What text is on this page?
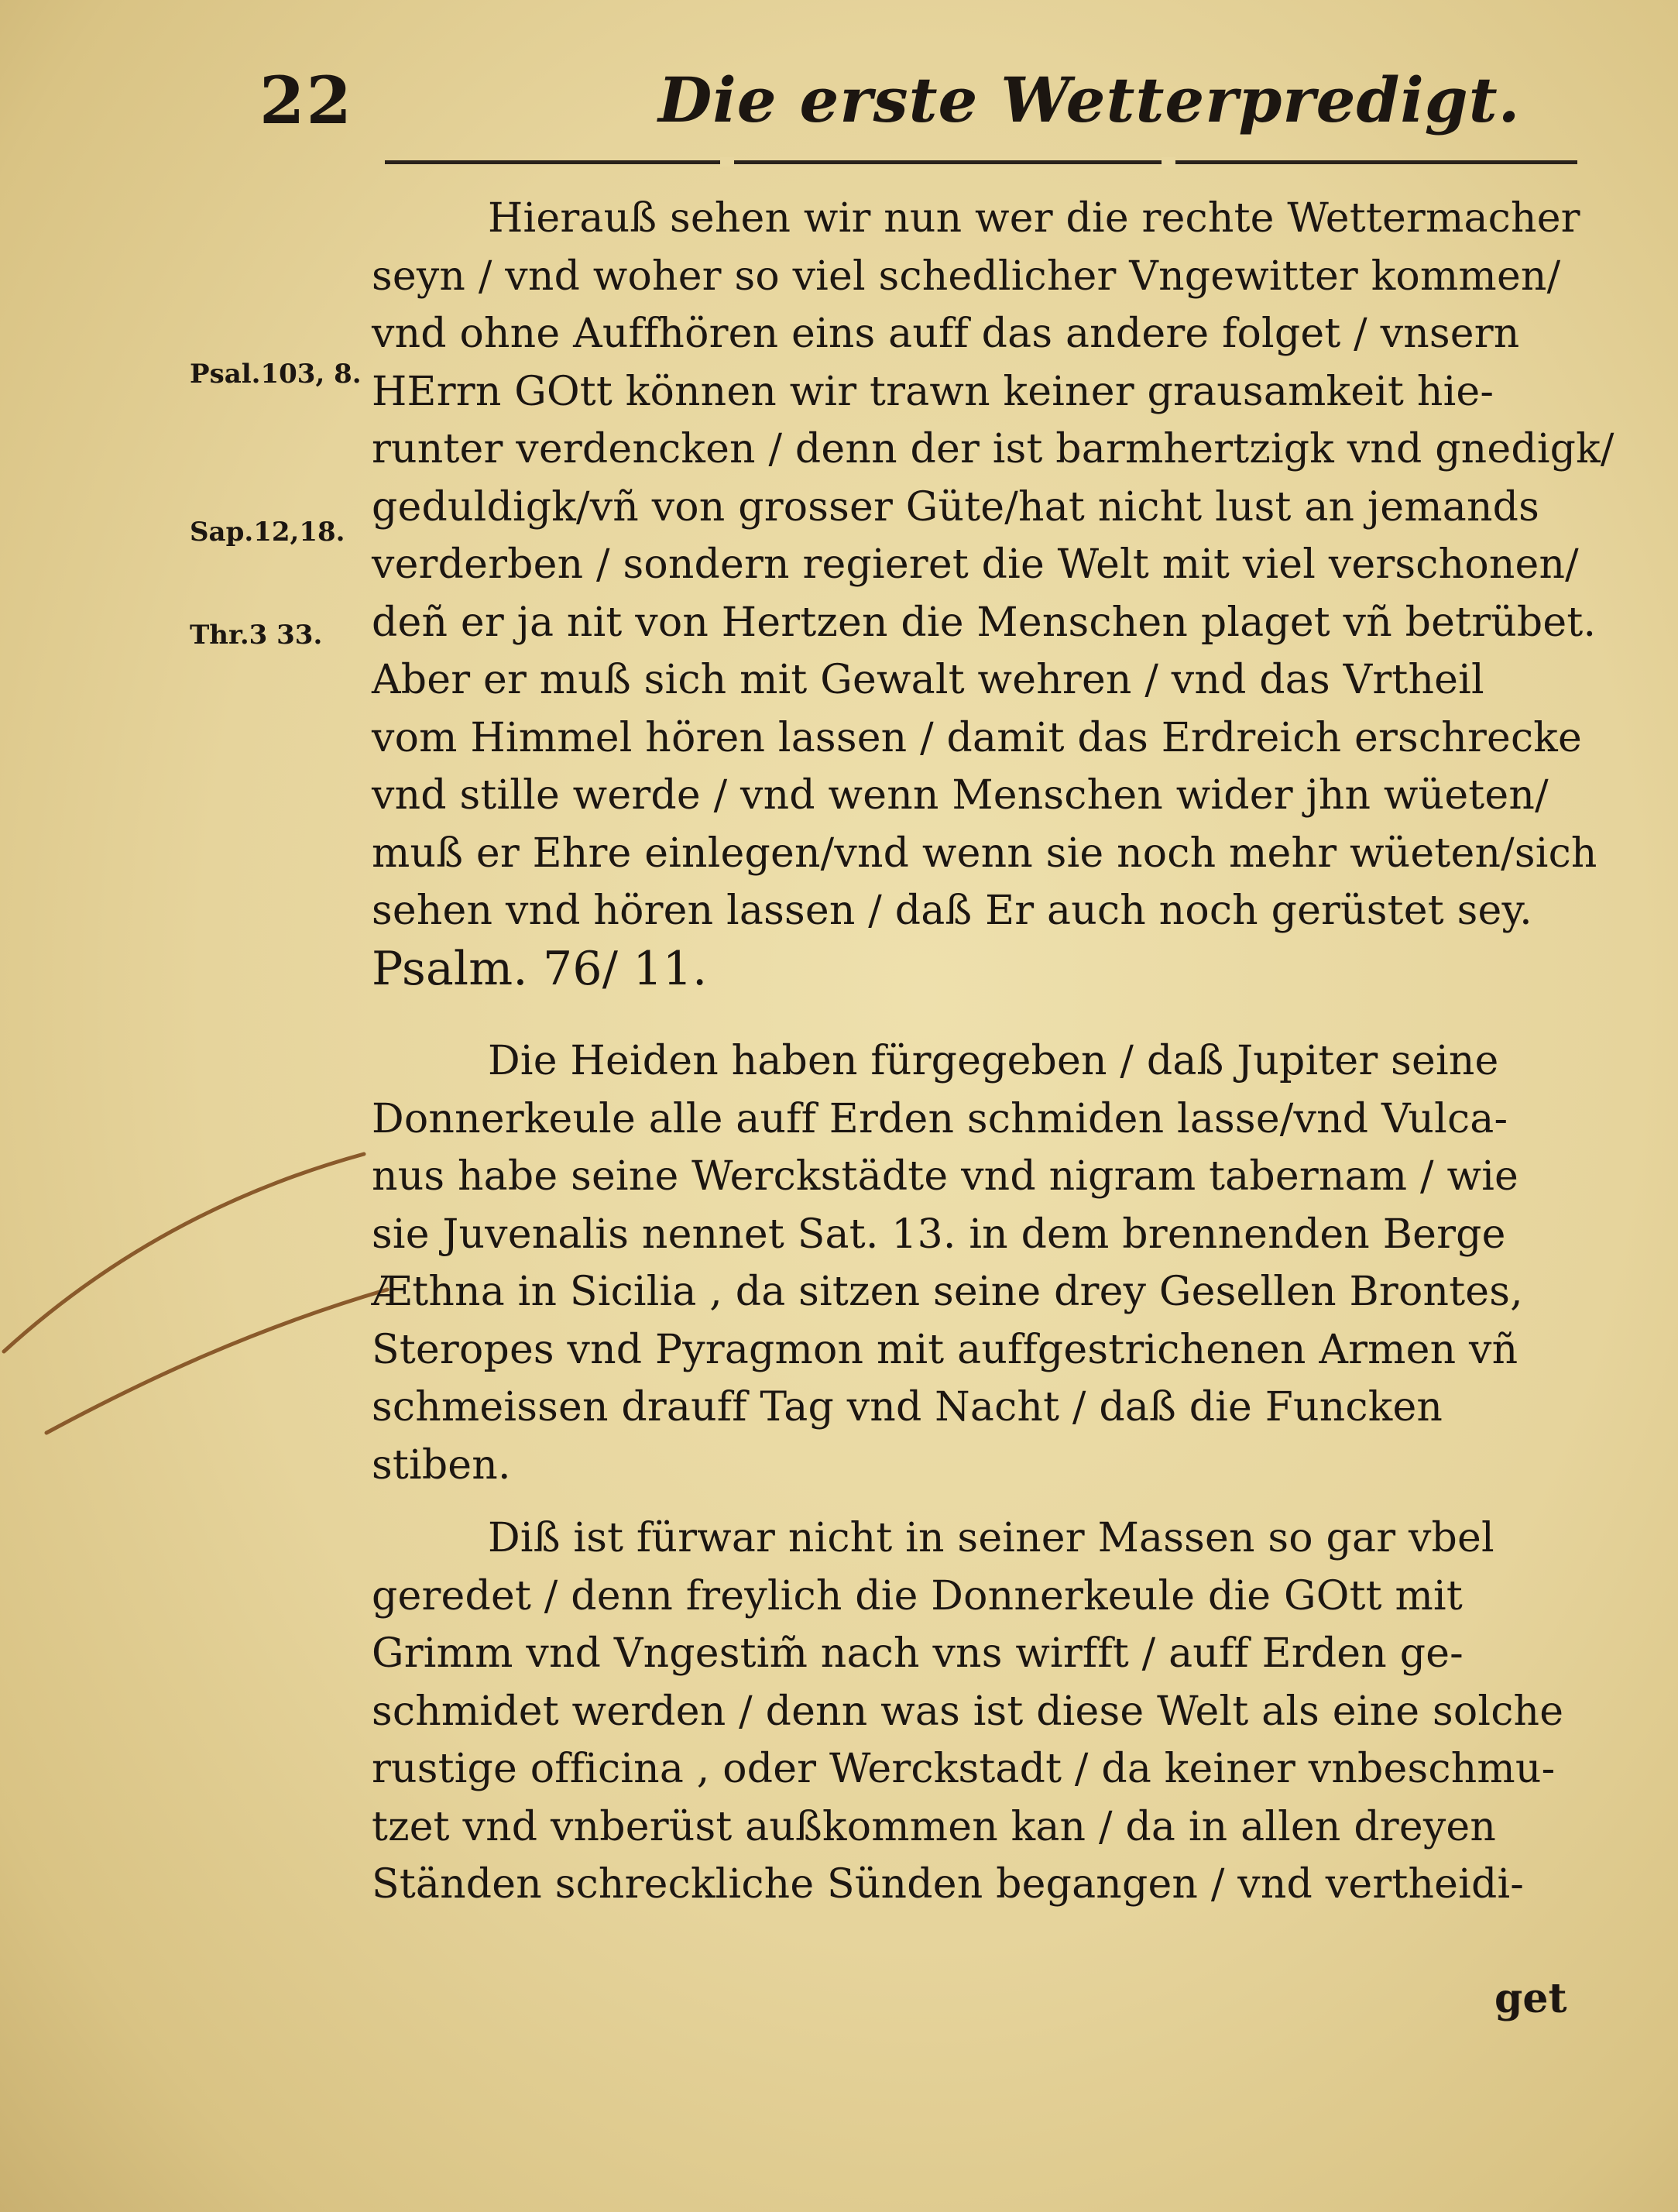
22	Die erste Wetterpredigt.
Psal.103, 8.
Sap.12,18.
Thr.3 33.
Hierauß sehen wir nun wer die rechte Wettermacher
seyn / vnd woher so viel schedlicher Vngewitter kommen/
vnd ohne Auffhören eins auff das andere folget / vnsern
HErrn GOtt können wir trawn keiner grausamkeit hie-
runter verdencken / denn der ist barmhertzigk vnd gnedigk/
geduldigk/vñ von grosser Güte/hat nicht lust an jemands
verderben / sondern regieret die Welt mit viel verschonen/
deñ er ja nit von Hertzen die Menschen plaget vñ betrübet.
Aber er muß sich mit Gewalt wehren / vnd das Vrtheil
vom Himmel hören lassen / damit das Erdreich erschrecke
vnd stille werde / vnd wenn Menschen wider jhn wüeten/
muß er Ehre einlegen/vnd wenn sie noch mehr wüeten/sich
sehen vnd hören lassen / daß Er auch noch gerüstet sey.
Psalm. 76/ 11.
Die Heiden haben fürgegeben / daß Jupiter seine
Donnerkeule alle auff Erden schmiden lasse/vnd Vulca-
nus habe seine Werckstädte vnd nigram tabernam / wie
sie Juvenalis nennet Sat. 13. in dem brennenden Berge
Æthna in Sicilia , da sitzen seine drey Gesellen Brontes,
Steropes vnd Pyragmon mit auffgestrichenen Armen vñ
schmeissen drauff Tag vnd Nacht / daß die Funcken
stiben.
Diß ist fürwar nicht in seiner Massen so gar vbel
geredet / denn freylich die Donnerkeule die GOtt mit
Grimm vnd Vngestim̃ nach vns wirfft / auff Erden ge-
schmidet werden / denn was ist diese Welt als eine solche
rustige officina , oder Werckstadt / da keiner vnbeschmu-
tzet vnd vnberüst außkommen kan / da in allen dreyen
Ständen schreckliche Sünden begangen / vnd vertheidi-
get
